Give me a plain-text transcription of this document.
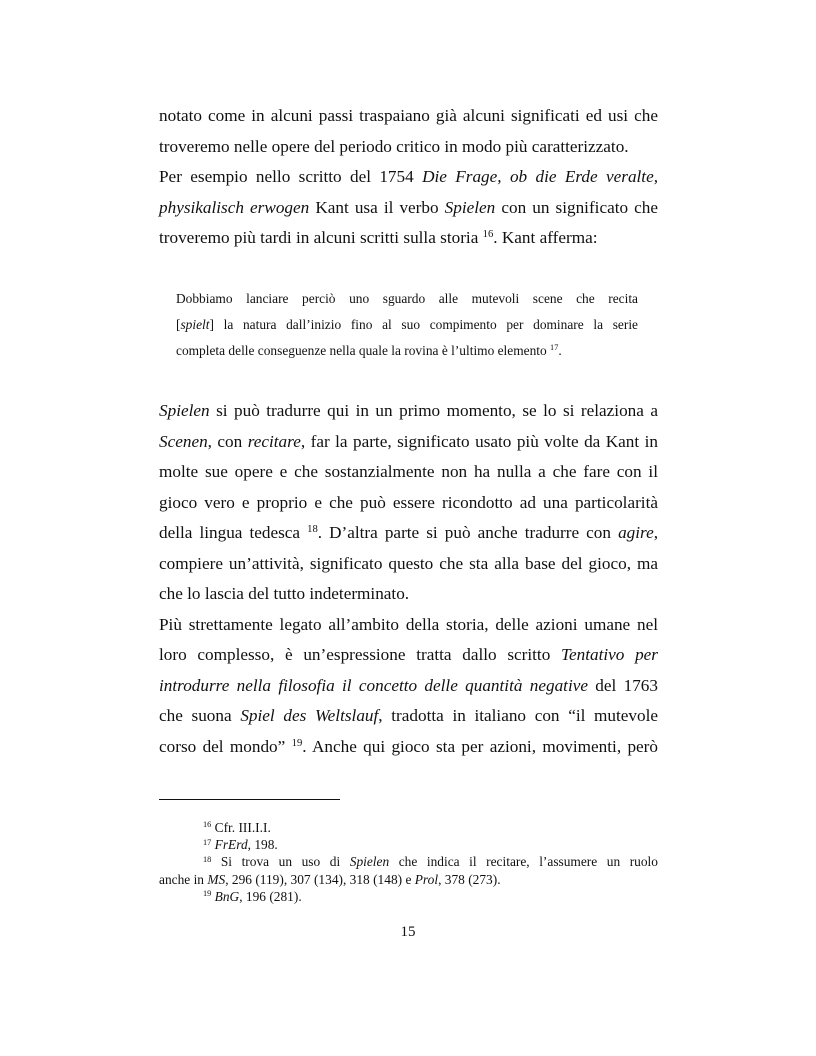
notato come in alcuni passi traspaiano già alcuni significati ed usi che
troveremo nelle opere del periodo critico in modo più caratterizzato.
Per esempio nello scritto del 1754 Die Frage, ob die Erde veralte,
physikalisch erwogen Kant usa il verbo Spielen con un significato che
troveremo più tardi in alcuni scritti sulla storia $^{16}$. Kant afferma:
Dobbiamo lanciare perciò uno sguardo alle mutevoli scene che recita
[spielt] la natura dall’inizio fino al suo compimento per dominare la serie
completa delle conseguenze nella quale la rovina è l’ultimo elemento $^{17}$.
Spielen si può tradurre qui in un primo momento, se lo si relaziona a
Scenen, con recitare, far la parte, significato usato più volte da Kant in
molte sue opere e che sostanzialmente non ha nulla a che fare con il
gioco vero e proprio e che può essere ricondotto ad una particolarità
della lingua tedesca $^{18}$. D’altra parte si può anche tradurre con agire,
compiere un’attività, significato questo che sta alla base del gioco, ma
che lo lascia del tutto indeterminato.
Più strettamente legato all’ambito della storia, delle azioni umane nel
loro complesso, è un’espressione tratta dallo scritto Tentativo per
introdurre nella filosofia il concetto delle quantità negative del 1763
che suona Spiel des Weltslauf, tradotta in italiano con “il mutevole
corso del mondo” $^{19}$. Anche qui gioco sta per azioni, movimenti, però
$^{16}$ Cfr. III.I.I.
$^{17}$ FrErd, 198.
$^{18}$ Si trova un uso di Spielen che indica il recitare, l’assumere un ruolo
anche in MS, 296 (119), 307 (134), 318 (148) e Prol, 378 (273).
$^{19}$ BnG, 196 (281).
15
